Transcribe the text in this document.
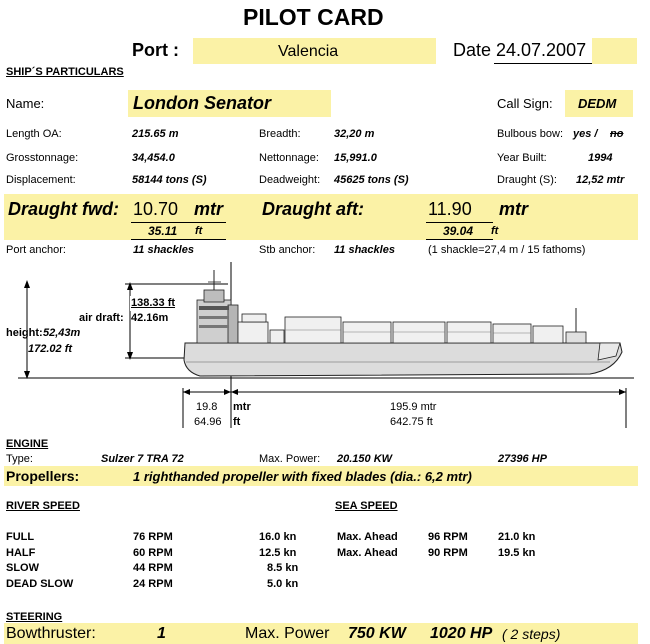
PILOT CARD
Port :	Valencia	Date 24.07.2007
SHIP´S PARTICULARS
Name:	London Senator	Call Sign: DEDM
Length OA:	215.65 m	Breadth:	32,20 m	Bulbous bow: yes / no
Grosstonnage:	34,454.0	Nettonnage: 15,991.0	Year Built:	1994
Displacement:	58144 tons (S)	Deadweight: 45625 tons (S)	Draught (S): 12,52 mtr
Draught fwd: 10.70 mtr
35.11 ft
Draught aft:	11.90 mtr
39.04 ft
Port anchor:	11 shackles	Stb anchor: 11 shackles	(1 shackle=27,4 m / 15 fathoms)
138.33 ft
air draft: 42.16m
height: 52,43m
172.02 ft
19.8
64.96
mtr
ft
195.9 mtr
642.75 ft
ENGINE
Type:	Sulzer 7 TRA 72	Max. Power: 20.150 KW	27396 HP
Propellers:	1 righthanded propeller with fixed blades (dia.: 6,2 mtr)
RIVER SPEED
FULL	76 RPM	16.0 kn
HALF	60 RPM	12.5 kn
SLOW	44 RPM	8.5 kn
DEAD SLOW	24 RPM	5.0 kn
SEA SPEED
Max. Ahead	96 RPM	21.0 kn
Max. Ahead	90 RPM	19.5 kn
STEERING
Bowthruster:	1	Max. Power 750 KW 1020 HP ( 2 steps)
